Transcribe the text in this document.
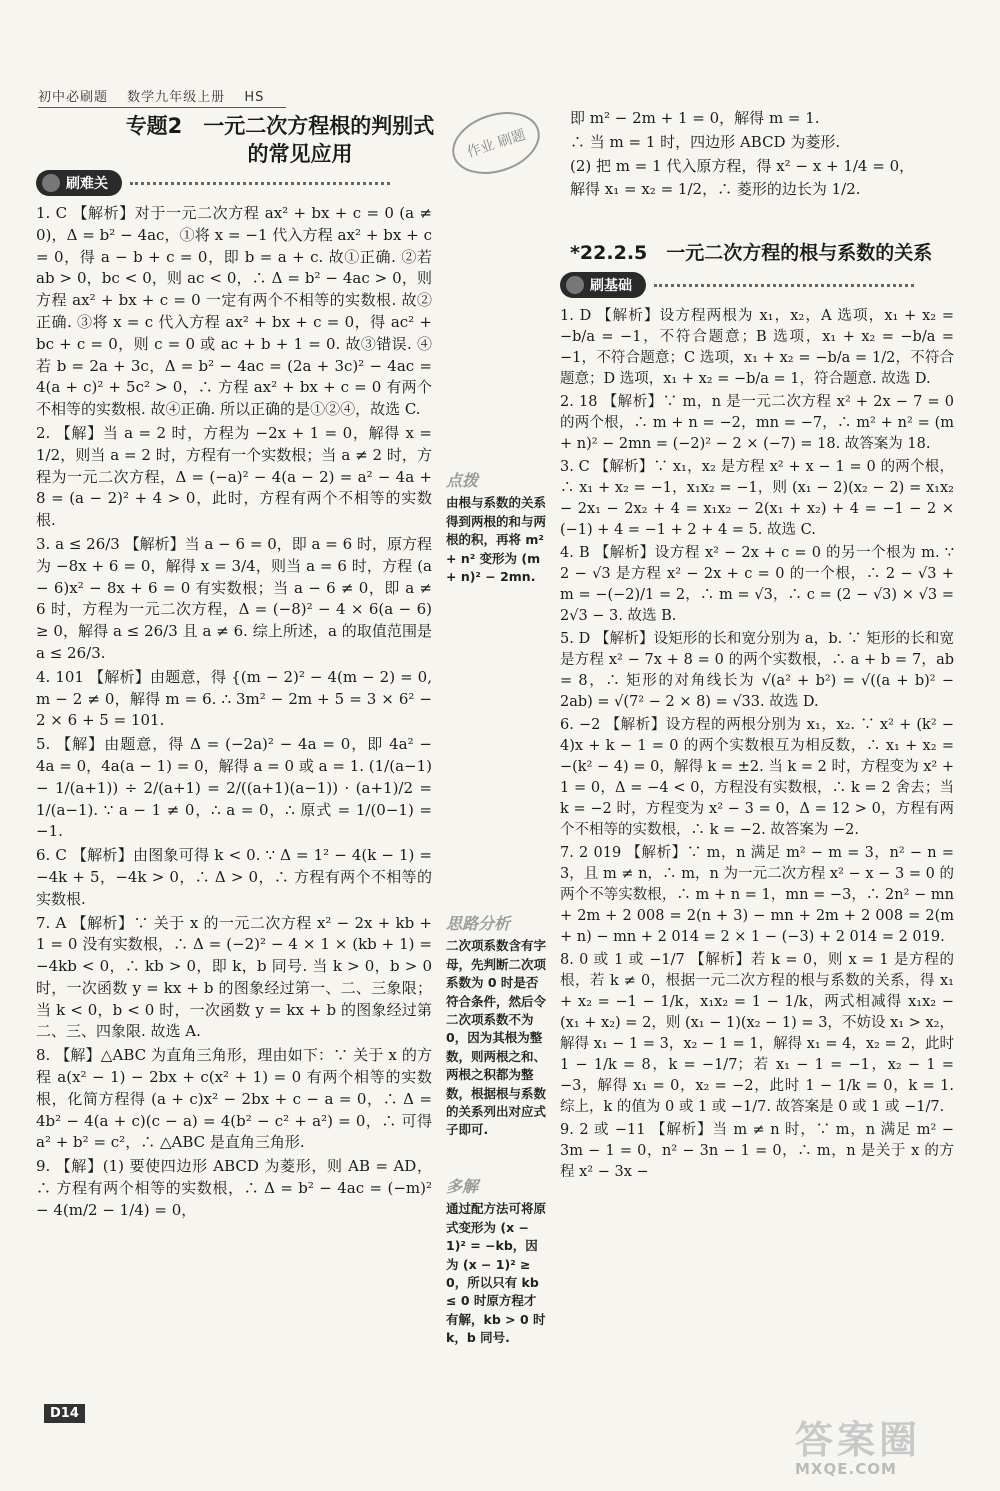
初中必刷题　 数学九年级上册　 HS
专题2　一元二次方程根的判别式
的常见应用	作业 刷题
刷难关

1. C 【解析】对于一元二次方程 ax² + bx + c = 0 (a ≠ 0)，Δ = b² − 4ac，①将 x = −1 代入方程 ax² + bx + c = 0，得 a − b + c = 0，即 b = a + c. 故①正确. ②若 ab > 0，bc < 0，则 ac < 0，∴ Δ = b² − 4ac > 0，则方程 ax² + bx + c = 0 一定有两个不相等的实数根. 故②正确. ③将 x = c 代入方程 ax² + bx + c = 0，得 ac² + bc + c = 0，则 c = 0 或 ac + b + 1 = 0. 故③错误. ④若 b = 2a + 3c，Δ = b² − 4ac = (2a + 3c)² − 4ac = 4(a + c)² + 5c² > 0，∴ 方程 ax² + bx + c = 0 有两个不相等的实数根. 故④正确. 所以正确的是①②④，故选 C.

2. 【解】当 a = 2 时，方程为 −2x + 1 = 0，解得 x = 1/2，则当 a = 2 时，方程有一个实数根；当 a ≠ 2 时，方程为一元二次方程，Δ = (−a)² − 4(a − 2) = a² − 4a + 8 = (a − 2)² + 4 > 0，此时，方程有两个不相等的实数根.

3. a ≤ 26/3 【解析】当 a − 6 = 0，即 a = 6 时，原方程为 −8x + 6 = 0，解得 x = 3/4，则当 a = 6 时，方程 (a − 6)x² − 8x + 6 = 0 有实数根；当 a − 6 ≠ 0，即 a ≠ 6 时，方程为一元二次方程，Δ = (−8)² − 4 × 6(a − 6) ≥ 0，解得 a ≤ 26/3 且 a ≠ 6. 综上所述，a 的取值范围是 a ≤ 26/3.

4. 101 【解析】由题意，得 {(m − 2)² − 4(m − 2) = 0, m − 2 ≠ 0，解得 m = 6. ∴ 3m² − 2m + 5 = 3 × 6² − 2 × 6 + 5 = 101.

5. 【解】由题意，得 Δ = (−2a)² − 4a = 0，即 4a² − 4a = 0，4a(a − 1) = 0，解得 a = 0 或 a = 1. (1/(a−1) − 1/(a+1)) ÷ 2/(a+1) = 2/((a+1)(a−1)) · (a+1)/2 = 1/(a−1). ∵ a − 1 ≠ 0，∴ a = 0，∴ 原式 = 1/(0−1) = −1.

6. C 【解析】由图象可得 k < 0. ∵ Δ = 1² − 4(k − 1) = −4k + 5，−4k > 0，∴ Δ > 0，∴ 方程有两个不相等的实数根.

7. A 【解析】∵ 关于 x 的一元二次方程 x² − 2x + kb + 1 = 0 没有实数根，∴ Δ = (−2)² − 4 × 1 × (kb + 1) = −4kb < 0，∴ kb > 0，即 k，b 同号. 当 k > 0，b > 0 时，一次函数 y = kx + b 的图象经过第一、二、三象限；当 k < 0，b < 0 时，一次函数 y = kx + b 的图象经过第二、三、四象限. 故选 A.

8. 【解】△ABC 为直角三角形，理由如下：∵ 关于 x 的方程 a(x² − 1) − 2bx + c(x² + 1) = 0 有两个相等的实数根，化简方程得 (a + c)x² − 2bx + c − a = 0，∴ Δ = 4b² − 4(a + c)(c − a) = 4(b² − c² + a²) = 0，∴ 可得 a² + b² = c²，∴ △ABC 是直角三角形.

9. 【解】(1) 要使四边形 ABCD 为菱形，则 AB = AD，∴ 方程有两个相等的实数根，∴ Δ = b² − 4ac = (−m)² − 4(m/2 − 1/4) = 0，

点拨
由根与系数的关系得到两根的和与两根的积，再将 m² + n² 变形为 (m + n)² − 2mn.
思路分析
二次项系数含有字母，先判断二次项系数为 0 时是否符合条件，然后令二次项系数不为 0，因为其根为整数，则两根之和、两根之积都为整数，根据根与系数的关系列出对应式子即可.
多解
通过配方法可将原式变形为 (x − 1)² = −kb，因为 (x − 1)² ≥ 0，所以只有 kb ≤ 0 时原方程才有解，kb > 0 时 k，b 同号.

即 m² − 2m + 1 = 0，解得 m = 1.

∴ 当 m = 1 时，四边形 ABCD 为菱形.

(2) 把 m = 1 代入原方程，得 x² − x + 1/4 = 0，

解得 x₁ = x₂ = 1/2，∴ 菱形的边长为 1/2.

*22.2.5　一元二次方程的根与系数的关系
刷基础

1. D 【解析】设方程两根为 x₁，x₂，A 选项，x₁ + x₂ = −b/a = −1，不符合题意；B 选项，x₁ + x₂ = −b/a = −1，不符合题意；C 选项，x₁ + x₂ = −b/a = 1/2，不符合题意；D 选项，x₁ + x₂ = −b/a = 1，符合题意. 故选 D.

2. 18 【解析】∵ m，n 是一元二次方程 x² + 2x − 7 = 0 的两个根，∴ m + n = −2，mn = −7，∴ m² + n² = (m + n)² − 2mn = (−2)² − 2 × (−7) = 18. 故答案为 18.

3. C 【解析】∵ x₁，x₂ 是方程 x² + x − 1 = 0 的两个根，∴ x₁ + x₂ = −1，x₁x₂ = −1，则 (x₁ − 2)(x₂ − 2) = x₁x₂ − 2x₁ − 2x₂ + 4 = x₁x₂ − 2(x₁ + x₂) + 4 = −1 − 2 × (−1) + 4 = −1 + 2 + 4 = 5. 故选 C.

4. B 【解析】设方程 x² − 2x + c = 0 的另一个根为 m. ∵ 2 − √3 是方程 x² − 2x + c = 0 的一个根，∴ 2 − √3 + m = −(−2)/1 = 2，∴ m = √3，∴ c = (2 − √3) × √3 = 2√3 − 3. 故选 B.

5. D 【解析】设矩形的长和宽分别为 a，b. ∵ 矩形的长和宽是方程 x² − 7x + 8 = 0 的两个实数根，∴ a + b = 7，ab = 8，∴ 矩形的对角线长为 √(a² + b²) = √((a + b)² − 2ab) = √(7² − 2 × 8) = √33. 故选 D.

6. −2 【解析】设方程的两根分别为 x₁，x₂. ∵ x² + (k² − 4)x + k − 1 = 0 的两个实数根互为相反数，∴ x₁ + x₂ = −(k² − 4) = 0，解得 k = ±2. 当 k = 2 时，方程变为 x² + 1 = 0，Δ = −4 < 0，方程没有实数根，∴ k = 2 舍去；当 k = −2 时，方程变为 x² − 3 = 0，Δ = 12 > 0，方程有两个不相等的实数根，∴ k = −2. 故答案为 −2.

7. 2 019 【解析】∵ m，n 满足 m² − m = 3，n² − n = 3，且 m ≠ n，∴ m，n 为一元二次方程 x² − x − 3 = 0 的两个不等实数根，∴ m + n = 1，mn = −3，∴ 2n² − mn + 2m + 2 008 = 2(n + 3) − mn + 2m + 2 008 = 2(m + n) − mn + 2 014 = 2 × 1 − (−3) + 2 014 = 2 019.

8. 0 或 1 或 −1/7 【解析】若 k = 0，则 x = 1 是方程的根，若 k ≠ 0，根据一元二次方程的根与系数的关系，得 x₁ + x₂ = −1 − 1/k，x₁x₂ = 1 − 1/k，两式相减得 x₁x₂ − (x₁ + x₂) = 2，则 (x₁ − 1)(x₂ − 1) = 3，不妨设 x₁ > x₂，解得 x₁ − 1 = 3，x₂ − 1 = 1，解得 x₁ = 4，x₂ = 2，此时 1 − 1/k = 8，k = −1/7；若 x₁ − 1 = −1，x₂ − 1 = −3，解得 x₁ = 0，x₂ = −2，此时 1 − 1/k = 0，k = 1. 综上，k 的值为 0 或 1 或 −1/7. 故答案是 0 或 1 或 −1/7.

9. 2 或 −11 【解析】当 m ≠ n 时，∵ m，n 满足 m² − 3m − 1 = 0，n² − 3n − 1 = 0，∴ m，n 是关于 x 的方程 x² − 3x −

D14
答案圈
MXQE.COM
